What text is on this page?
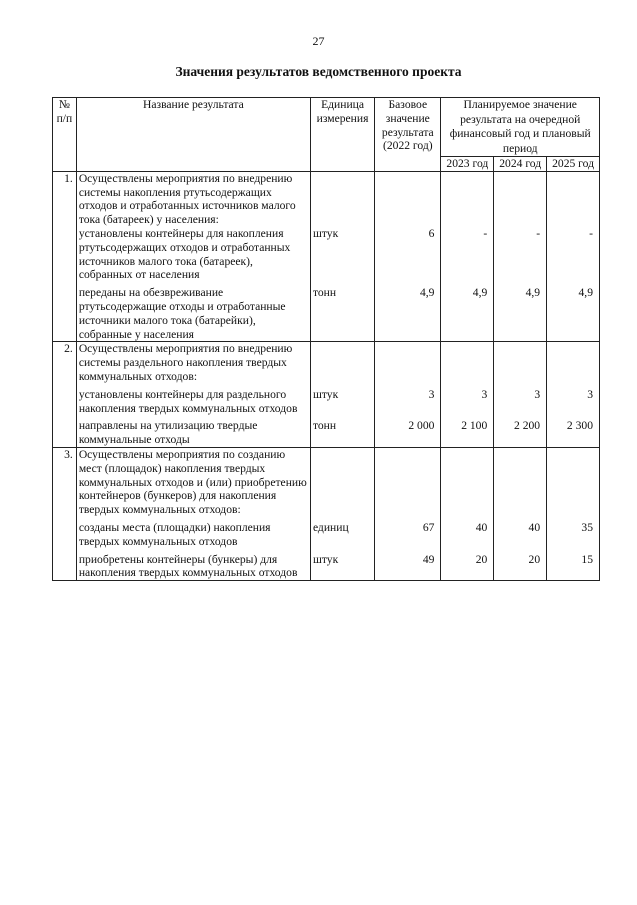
27
Значения результатов ведомственного проекта
№ п/п	Название результата	Единица измерения	Базовое значение результата (2022 год)	Планируемое значение результата на очередной финансовый год и плановый период		
				2023 год	2024 год	2025 год
1.	Осуществлены мероприятия по внедрению системы накопления ртутьсодержащих отходов и отработанных источников малого тока (батареек) у населения:					
	установлены контейнеры для накопления ртутьсодержащих отходов и отработанных источников малого тока (батареек), собранных от населения	штук	6	-	-	-
	переданы на обезвреживание ртутьсодержащие отходы и отработанные источники малого тока (батарейки), собранные у населения	тонн	4,9	4,9	4,9	4,9
2.	Осуществлены мероприятия по внедрению системы раздельного накопления твердых коммунальных отходов:					
	установлены контейнеры для раздельного накопления твердых коммунальных отходов	штук	3	3	3	3
	направлены на утилизацию твердые коммунальные отходы	тонн	2 000	2 100	2 200	2 300
3.	Осуществлены мероприятия по созданию мест (площадок) накопления твердых коммунальных отходов и (или) приобретению контейнеров (бункеров) для накопления твердых коммунальных отходов:					
	созданы места (площадки) накопления твердых коммунальных отходов	единиц	67	40	40	35
	приобретены контейнеры (бункеры) для накопления твердых коммунальных отходов	штук	49	20	20	15
